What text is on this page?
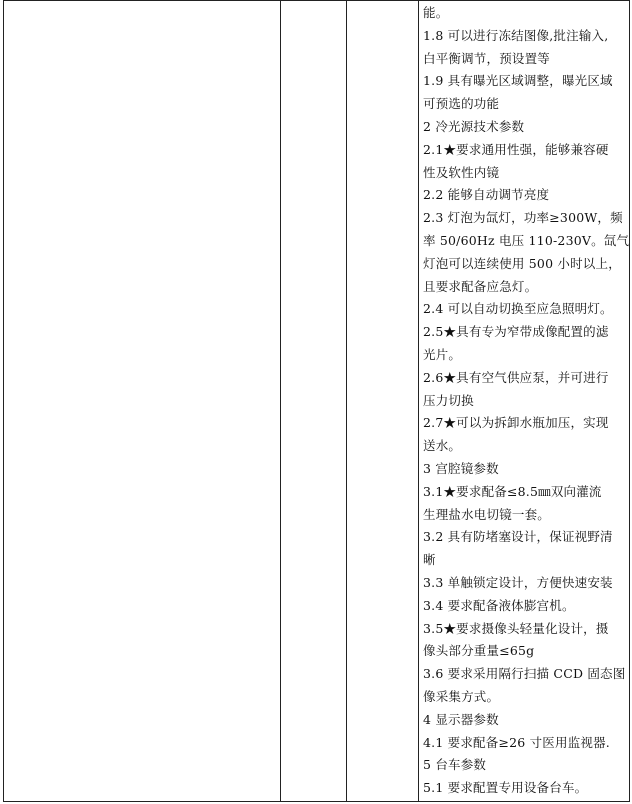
能。
1.8 可以进行冻结图像,批注输入,
白平衡调节，预设置等
1.9 具有曝光区域调整，曝光区域
可预选的功能
2 冷光源技术参数
2.1★要求通用性强，能够兼容硬
性及软性内镜
2.2 能够自动调节亮度
2.3 灯泡为氙灯，功率≥300W，频
率 50/60Hz 电压 110-230V。氙气
灯泡可以连续使用 500 小时以上，
且要求配备应急灯。
2.4 可以自动切换至应急照明灯。
2.5★具有专为窄带成像配置的滤
光片。
2.6★具有空气供应泵，并可进行
压力切换
2.7★可以为拆卸水瓶加压，实现
送水。
3 宫腔镜参数
3.1★要求配备≤8.5㎜双向灌流
生理盐水电切镜一套。
3.2 具有防堵塞设计，保证视野清
晰
3.3 单触锁定设计，方便快速安装
3.4 要求配备液体膨宫机。
3.5★要求摄像头轻量化设计，摄
像头部分重量≤65g
3.6 要求采用隔行扫描 CCD 固态图
像采集方式。
4 显示器参数
4.1 要求配备≥26 寸医用监视器.
5 台车参数
5.1 要求配置专用设备台车。
